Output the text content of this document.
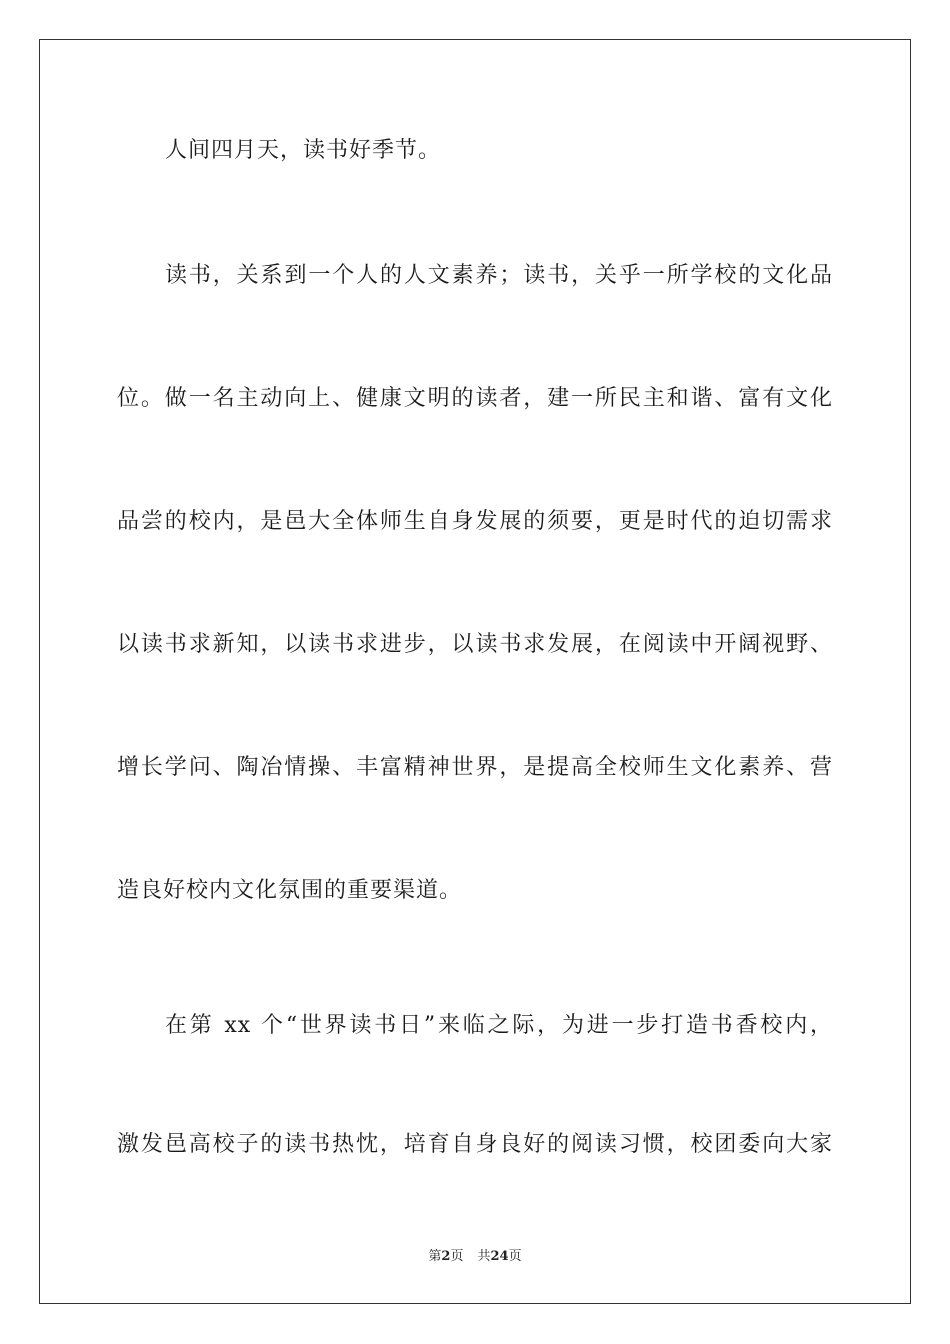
人间四月天，读书好季节。
读书，关系到一个人的人文素养；读书，关乎一所学校的文化品
位。做一名主动向上、健康文明的读者，建一所民主和谐、富有文化
品尝的校内，是邑大全体师生自身发展的须要，更是时代的迫切需求
以读书求新知，以读书求进步，以读书求发展，在阅读中开阔视野、
增长学问、陶冶情操、丰富精神世界，是提高全校师生文化素养、营
造良好校内文化氛围的重要渠道。
在第 xx 个“世界读书日”来临之际，为进一步打造书香校内，
激发邑高校子的读书热忱，培育自身良好的阅读习惯，校团委向大家
第2页 共24页
